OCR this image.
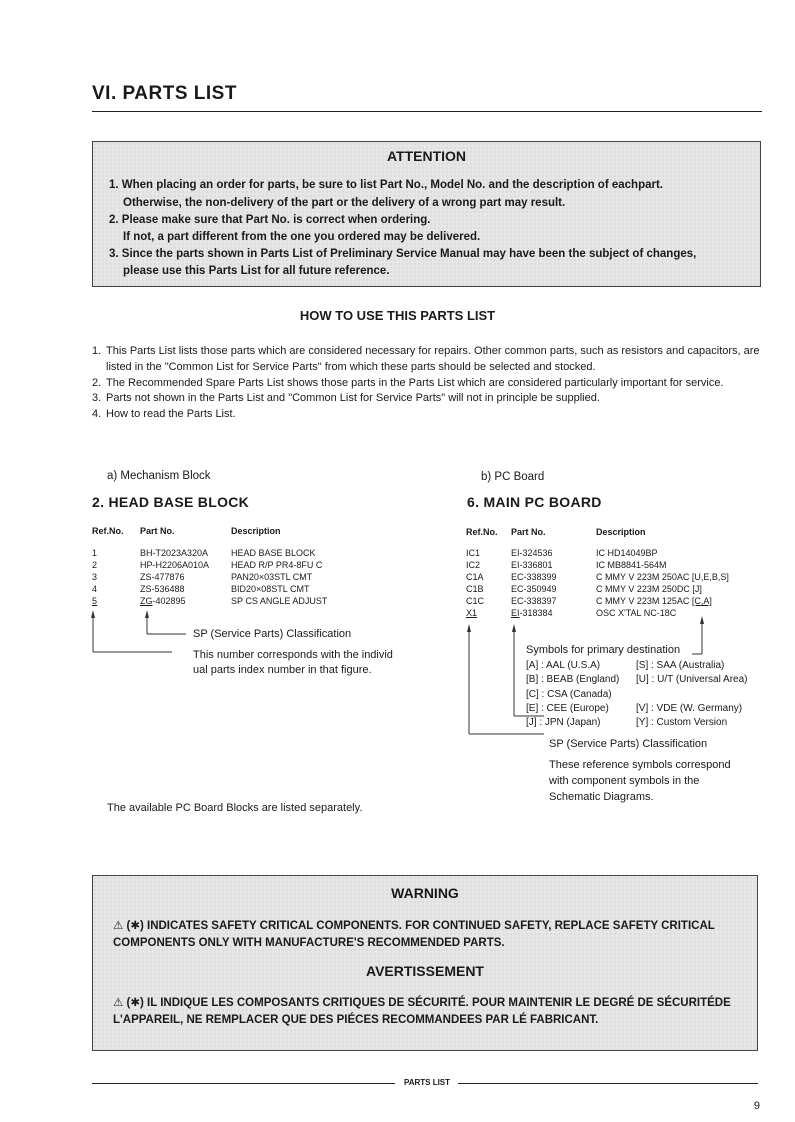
VI. PARTS LIST
ATTENTION
1. When placing an order for parts, be sure to list Part No., Model No. and the description of eachpart.
Otherwise, the non-delivery of the part or the delivery of a wrong part may result.
2. Please make sure that Part No. is correct when ordering.
If not, a part different from the one you ordered may be delivered.
3. Since the parts shown in Parts List of Preliminary Service Manual may have been the subject of changes,
please use this Parts List for all future reference.
HOW TO USE THIS PARTS LIST
1. This Parts List lists those parts which are considered necessary for repairs. Other common parts, such as resistors and capacitors, are listed in the "Common List for Service Parts" from which these parts should be selected and stocked.
2. The Recommended Spare Parts List shows those parts in the Parts List which are considered particularly important for service.
3. Parts not shown in the Parts List and "Common List for Service Parts" will not in principle be supplied.
4. How to read the Parts List.
a) Mechanism Block
2. HEAD BASE BLOCK
Ref.No. Part No.	Description
1	BH-T2023A320A	HEAD BASE BLOCK
2	HP-H2206A010A HEAD R/P PR4-8FU C
3	ZS-477876	PAN20×03STL CMT
4	ZS-536488	BID20×08STL CMT
5	ZG-402895	SP CS ANGLE ADJUST
SP (Service Parts) Classification
This number corresponds with the individ
ual parts index number in that figure.
The available PC Board Blocks are listed separately.
b) PC Board
6. MAIN PC BOARD
Ref.No. Part No.	Description
IC1	EI-324536	IC HD14049BP
IC2	EI-336801	IC MB8841-564M
C1A	EC-338399	C MMY V 223M 250AC [U,E,B,S]
C1B	EC-350949	C MMY V 223M 250DC [J]
C1C	EC-338397	C MMY V 223M 125AC [C,A]
X1	EI-318384	OSC X'TAL NC-18C
Symbols for primary destination
[A] : AAL (U.S.A)
[B] : BEAB (England)
[C] : CSA (Canada)
[E] : CEE (Europe)
[J] : JPN (Japan)
[S] : SAA (Australia)
[U] : U/T (Universal Area)
[V] : VDE (W. Germany)
[Y] : Custom Version
SP (Service Parts) Classification
These reference symbols correspond
with component symbols in the
Schematic Diagrams.
WARNING
⚠ (✱) INDICATES SAFETY CRITICAL COMPONENTS. FOR CONTINUED SAFETY, REPLACE SAFETY CRITICAL COMPONENTS ONLY WITH MANUFACTURE'S RECOMMENDED PARTS.
AVERTISSEMENT
⚠ (✱) IL INDIQUE LES COMPOSANTS CRITIQUES DE SÉCURITÉ. POUR MAINTENIR LE DEGRÉ DE SÉCURITÉDE L'APPAREIL, NE REMPLACER QUE DES PIÉCES RECOMMANDEES PAR LÉ FABRICANT.
PARTS LIST
9
